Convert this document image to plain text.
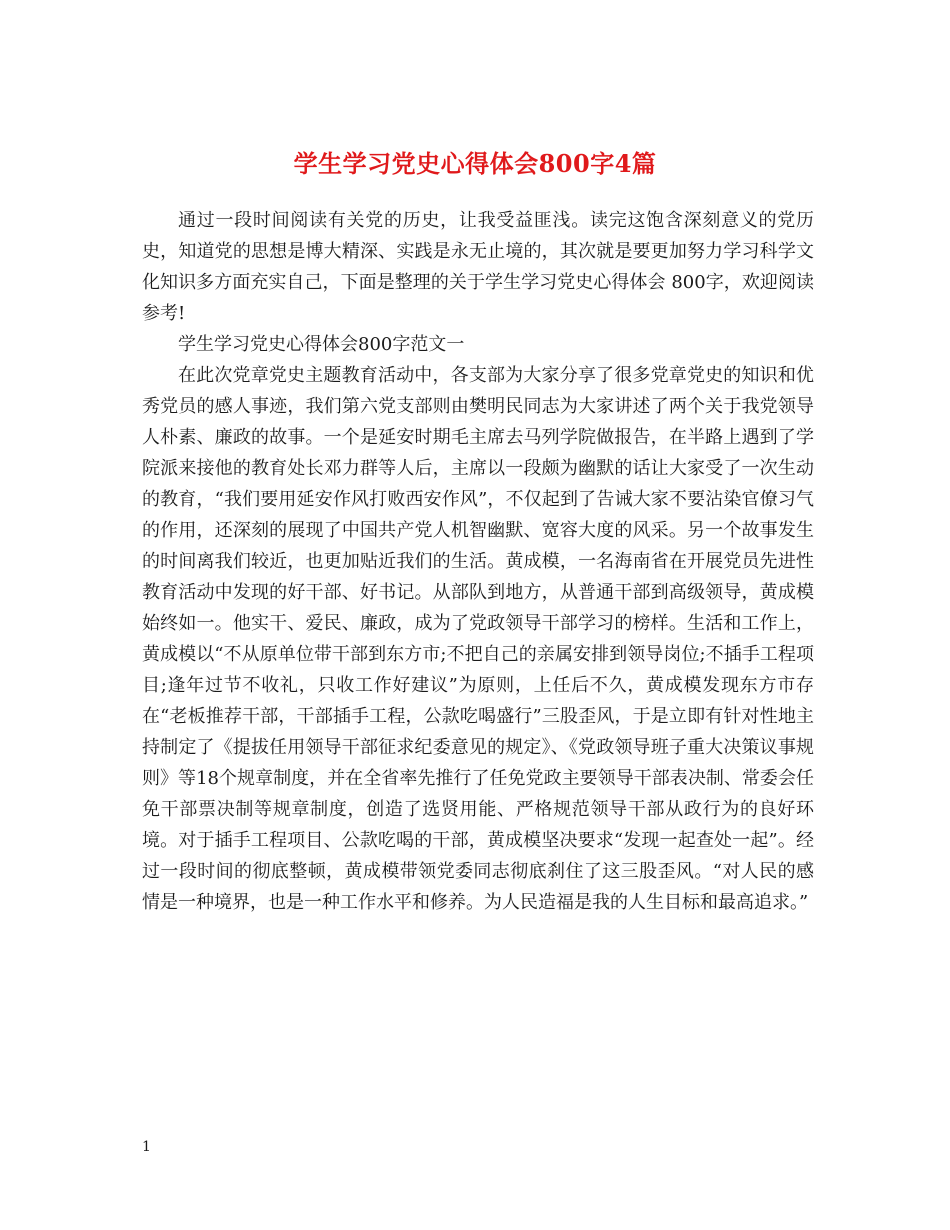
学生学习党史心得体会800字4篇

通过一段时间阅读有关党的历史，让我受益匪浅。读完这饱含深刻意义的党历史，知道党的思想是博大精深、实践是永无止境的，其次就是要更加努力学习科学文化知识多方面充实自己，下面是整理的关于学生学习党史心得体会 800字，欢迎阅读参考!

学生学习党史心得体会800字范文一

在此次党章党史主题教育活动中，各支部为大家分享了很多党章党史的知识和优秀党员的感人事迹，我们第六党支部则由樊明民同志为大家讲述了两个关于我党领导人朴素、廉政的故事。一个是延安时期毛主席去马列学院做报告，在半路上遇到了学院派来接他的教育处长邓力群等人后，主席以一段颇为幽默的话让大家受了一次生动的教育，“我们要用延安作风打败西安作风”，不仅起到了告诫大家不要沾染官僚习气的作用，还深刻的展现了中国共产党人机智幽默、宽容大度的风采。另一个故事发生的时间离我们较近，也更加贴近我们的生活。黄成模，一名海南省在开展党员先进性教育活动中发现的好干部、好书记。从部队到地方，从普通干部到高级领导，黄成模始终如一。他实干、爱民、廉政，成为了党政领导干部学习的榜样。生活和工作上，黄成模以“不从原单位带干部到东方市;不把自己的亲属安排到领导岗位;不插手工程项目;逢年过节不收礼，只收工作好建议”为原则，上任后不久，黄成模发现东方市存在“老板推荐干部，干部插手工程，公款吃喝盛行”三股歪风，于是立即有针对性地主持制定了《提拔任用领导干部征求纪委意见的规定》、《党政领导班子重大决策议事规则》等18个规章制度，并在全省率先推行了任免党政主要领导干部表决制、常委会任免干部票决制等规章制度，创造了选贤用能、严格规范领导干部从政行为的良好环境。对于插手工程项目、公款吃喝的干部，黄成模坚决要求“发现一起查处一起”。经过一段时间的彻底整顿，黄成模带领党委同志彻底刹住了这三股歪风。“对人民的感情是一种境界，也是一种工作水平和修养。为人民造福是我的人生目标和最高追求。”

1
